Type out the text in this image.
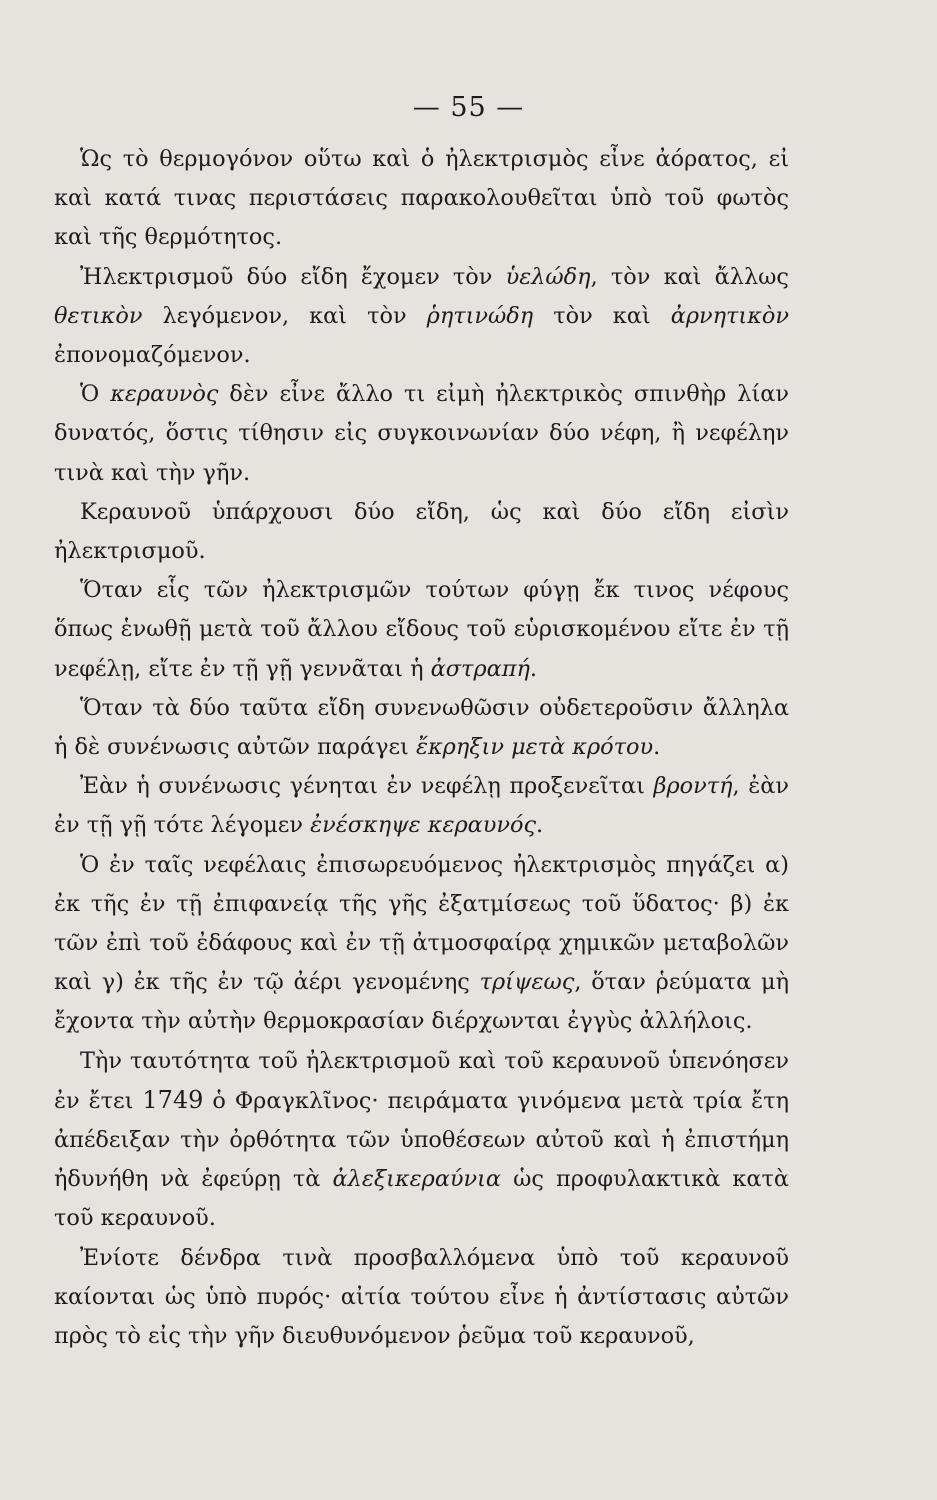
— 55 —

Ὡς τὸ θερμογόνον οὕτω καὶ ὁ ἠλεκτρισμὸς εἶνε ἀόρατος, εἰ καὶ κατά τινας περιστάσεις παρακολουθεῖται ὑπὸ τοῦ φωτὸς καὶ τῆς θερμότητος.

Ἠλεκτρισμοῦ δύο εἴδη ἔχομεν τὸν ὑελώδη, τὸν καὶ ἄλλως θετικὸν λεγόμενον, καὶ τὸν ῥητινώδη τὸν καὶ ἀρνητικὸν ἐπονομαζόμενον.

Ὁ κεραυνὸς δὲν εἶνε ἄλλο τι εἰμὴ ἠλεκτρικὸς σπινθὴρ λίαν δυνατός, ὅστις τίθησιν εἰς συγκοινωνίαν δύο νέφη, ἢ νεφέλην τινὰ καὶ τὴν γῆν.

Κεραυνοῦ ὑπάρχουσι δύο εἴδη, ὡς καὶ δύο εἴδη εἰσὶν ἠλεκτρισμοῦ.

Ὅταν εἷς τῶν ἠλεκτρισμῶν τούτων φύγῃ ἔκ τινος νέφους ὅπως ἑνωθῇ μετὰ τοῦ ἄλλου εἴδους τοῦ εὑρισκομένου εἴτε ἐν τῇ νεφέλῃ, εἴτε ἐν τῇ γῇ γεννᾶται ἡ ἀστραπή.

Ὅταν τὰ δύο ταῦτα εἴδη συνενωθῶσιν οὐδετεροῦσιν ἄλληλα ἡ δὲ συνένωσις αὐτῶν παράγει ἔκρηξιν μετὰ κρότου.

Ἐὰν ἡ συνένωσις γένηται ἐν νεφέλῃ προξενεῖται βροντή, ἐὰν ἐν τῇ γῇ τότε λέγομεν ἐνέσκηψε κεραυνός.

Ὁ ἐν ταῖς νεφέλαις ἐπισωρευόμενος ἠλεκτρισμὸς πηγάζει α) ἐκ τῆς ἐν τῇ ἐπιφανείᾳ τῆς γῆς ἐξατμίσεως τοῦ ὕδατος· β) ἐκ τῶν ἐπὶ τοῦ ἐδάφους καὶ ἐν τῇ ἀτμοσφαίρᾳ χημικῶν μεταβολῶν καὶ γ) ἐκ τῆς ἐν τῷ ἀέρι γενομένης τρίψεως, ὅταν ῥεύματα μὴ ἔχοντα τὴν αὐτὴν θερμοκρασίαν διέρχωνται ἐγγὺς ἀλλήλοις.

Τὴν ταυτότητα τοῦ ἠλεκτρισμοῦ καὶ τοῦ κεραυνοῦ ὑπενόησεν ἐν ἔτει 1749 ὁ Φραγκλῖνος· πειράματα γινόμενα μετὰ τρία ἔτη ἀπέδειξαν τὴν ὀρθότητα τῶν ὑποθέσεων αὐτοῦ καὶ ἡ ἐπιστήμη ἠδυνήθη νὰ ἐφεύρῃ τὰ ἀλεξικεραύνια ὡς προφυλακτικὰ κατὰ τοῦ κεραυνοῦ.

Ἐνίοτε δένδρα τινὰ προσβαλλόμενα ὑπὸ τοῦ κεραυνοῦ καίονται ὡς ὑπὸ πυρός· αἰτία τούτου εἶνε ἡ ἀντίστασις αὐτῶν πρὸς τὸ εἰς τὴν γῆν διευθυνόμενον ῥεῦμα τοῦ κεραυνοῦ,
